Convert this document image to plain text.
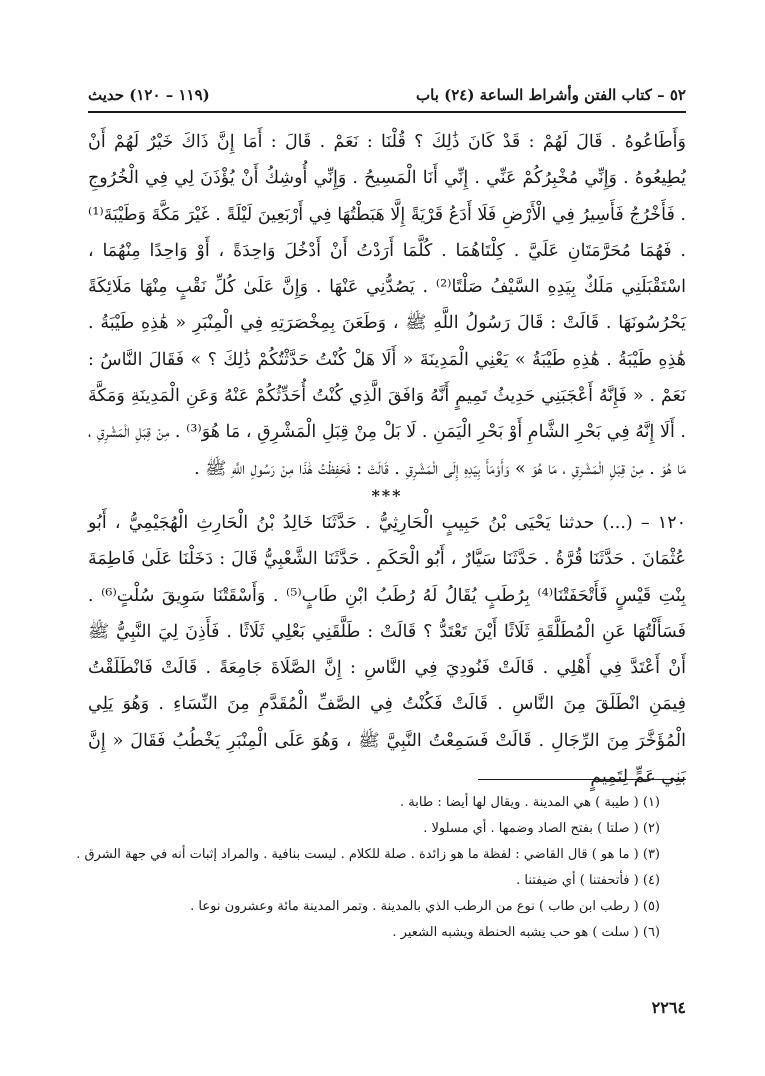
٥٢ – كتاب الفتن وأشراط الساعة (٢٤) باب
(١١٩ – ١٢٠) حديث

وَأَطَاعُوهُ . قَالَ لَهُمْ : قَدْ كَانَ ذَٰلِكَ ؟ قُلْنَا : نَعَمْ . قَالَ : أَمَا إِنَّ ذَاكَ خَيْرٌ لَهُمْ أَنْ يُطِيعُوهُ . وَإِنِّي مُخْبِرُكُمْ عَنِّي . إِنِّي أَنَا الْمَسِيحُ . وَإِنِّي أُوشِكُ أَنْ يُؤْذَنَ لِي فِي الْخُرُوجِ . فَأَخْرُجُ فَأَسِيرُ فِي الْأَرْضِ فَلَا أَدَعُ قَرْيَةً إِلَّا هَبَطْتُهَا فِي أَرْبَعِينَ لَيْلَةً . غَيْرَ مَكَّةَ وَطَيْبَةَ⁽¹⁾ . فَهُمَا مُحَرَّمَتَانِ عَلَيَّ . كِلْتَاهُمَا . كُلَّمَا أَرَدْتُ أَنْ أَدْخُلَ وَاحِدَةً ، أَوْ وَاحِدًا مِنْهُمَا ، اسْتَقْبَلَنِي مَلَكٌ بِيَدِهِ السَّيْفُ صَلْتًا⁽²⁾ . يَصُدُّنِي عَنْهَا . وَإِنَّ عَلَىٰ كُلِّ نَقْبٍ مِنْهَا مَلَائِكَةً يَحْرُسُونَهَا . قَالَتْ : قَالَ رَسُولُ اللَّهِ ﷺ ، وَطَعَنَ بِمِخْصَرَتِهِ فِي الْمِنْبَرِ « هَٰذِهِ طَيْبَةُ . هَٰذِهِ طَيْبَةُ . هَٰذِهِ طَيْبَةُ » يَعْنِي الْمَدِينَةَ « أَلَا هَلْ كُنْتُ حَدَّثْتُكُمْ ذَٰلِكَ ؟ » فَقَالَ النَّاسُ : نَعَمْ . « فَإِنَّهُ أَعْجَبَنِي حَدِيثُ تَمِيمٍ أَنَّهُ وَافَقَ الَّذِي كُنْتُ أُحَدِّثُكُمْ عَنْهُ وَعَنِ الْمَدِينَةِ وَمَكَّةَ . أَلَا إِنَّهُ فِي بَحْرِ الشَّامِ أَوْ بَحْرِ الْيَمَنِ . لَا بَلْ مِنْ قِبَلِ الْمَشْرِقِ ، مَا هُوَ⁽³⁾ . مِنْ قِبَلِ الْمَشْرِقِ ، مَا هُوَ . مِنْ قِبَلِ الْمَشْرِقِ ، مَا هُوَ » وَأَوْمَأَ بِيَدِهِ إِلَى الْمَشْرِقِ . قَالَتْ : فَحَفِظْتُ هَٰذَا مِنْ رَسُولِ اللَّهِ ﷺ .

***

١٢٠ – (...) حدثنا يَحْيَى بْنُ حَبِيبٍ الْحَارِثِيُّ . حَدَّثَنَا خَالِدُ بْنُ الْحَارِثِ الْهُجَيْمِيُّ ، أَبُو عُثْمَانَ . حَدَّثَنَا قُرَّةُ . حَدَّثَنَا سَيَّارٌ ، أَبُو الْحَكَمِ . حَدَّثَنَا الشَّعْبِيُّ قَالَ : دَخَلْنَا عَلَىٰ فَاطِمَةَ بِنْتِ قَيْسٍ فَأَتْحَفَتْنَا⁽⁴⁾ بِرُطَبٍ يُقَالُ لَهُ رُطَبُ ابْنِ طَابٍ⁽⁵⁾ . وَأَسْقَتْنَا سَوِيقَ سُلْتٍ⁽⁶⁾ . فَسَأَلْتُهَا عَنِ الْمُطَلَّقَةِ ثَلَاثًا أَيْنَ تَعْتَدُّ ؟ قَالَتْ : طَلَّقَنِي بَعْلِي ثَلَاثًا . فَأَذِنَ لِيَ النَّبِيُّ ﷺ أَنْ أَعْتَدَّ فِي أَهْلِي . قَالَتْ فَنُودِيَ فِي النَّاسِ : إِنَّ الصَّلَاةَ جَامِعَةً . قَالَتْ فَانْطَلَقْتُ فِيمَنِ انْطَلَقَ مِنَ النَّاسِ . قَالَتْ فَكُنْتُ فِي الصَّفِّ الْمُقَدَّمِ مِنَ النِّسَاءِ . وَهُوَ يَلِي الْمُؤَخَّرَ مِنَ الرِّجَالِ . قَالَتْ فَسَمِعْتُ النَّبِيَّ ﷺ ، وَهُوَ عَلَى الْمِنْبَرِ يَخْطُبُ فَقَالَ « إِنَّ بَنِي عَمٍّ لِتَمِيمٍ

(١) ( طيبة ) هي المدينة . ويقال لها أيضا : طابة .
(٢) ( صلتا ) بفتح الصاد وضمها . أي مسلولا .
(٣) ( ما هو ) قال القاضي : لفظة ما هو زائدة . صلة للكلام . ليست بنافية . والمراد إثبات أنه في جهة الشرق .
(٤) ( فأتحفتنا ) أي ضيفتنا .
(٥) ( رطب ابن طاب ) نوع من الرطب الذي بالمدينة . وتمر المدينة مائة وعشرون نوعا .
(٦) ( سلت ) هو حب يشبه الحنطة ويشبه الشعير .
٢٢٦٤
